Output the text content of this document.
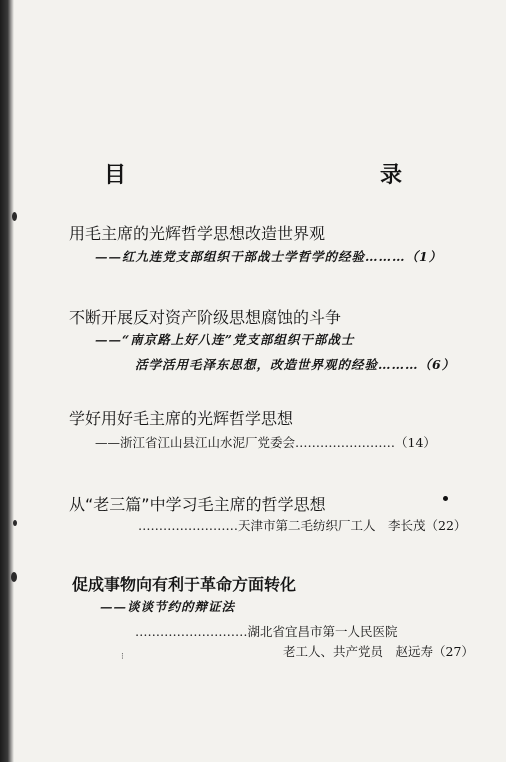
⁝
目　　录
用毛主席的光辉哲学思想改造世界观
——红九连党支部组织干部战士学哲学的经验………（1）
不断开展反对资产阶级思想腐蚀的斗争
——“南京路上好八连”党支部组织干部战士
活学活用毛泽东思想，改造世界观的经验………（6）
学好用好毛主席的光辉哲学思想
——浙江省江山县江山水泥厂党委会……………………（14）
从“老三篇”中学习毛主席的哲学思想
……………………天津市第二毛纺织厂工人　李长茂（22）
促成事物向有利于革命方面转化
——谈谈节约的辩证法
………………………湖北省宜昌市第一人民医院
老工人、共产党员　赵远寿（27）
